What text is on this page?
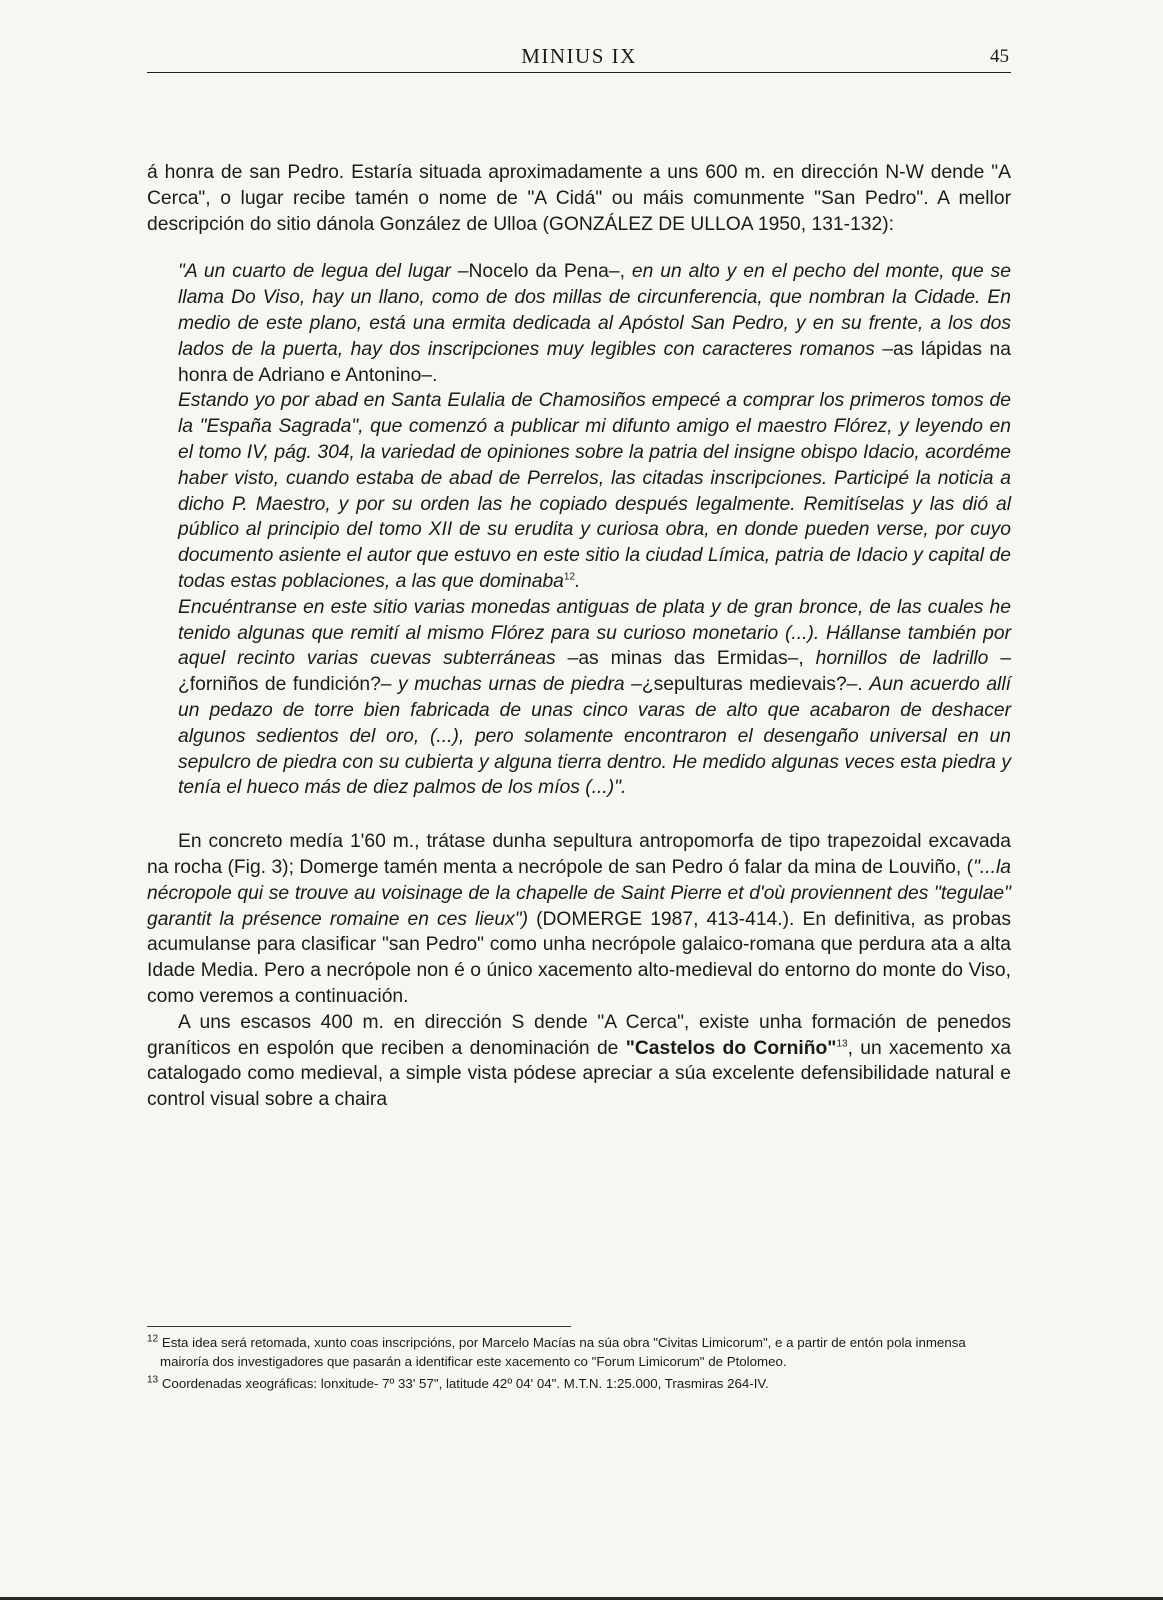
MINIUS IX	45

á honra de san Pedro. Estaría situada aproximadamente a uns 600 m. en dirección N-W dende "A Cerca", o lugar recibe tamén o nome de "A Cidá" ou máis comunmente "San Pedro". A mellor descripción do sitio dánola González de Ulloa (GONZÁLEZ DE ULLOA 1950, 131-132):

"A un cuarto de legua del lugar –Nocelo da Pena–, en un alto y en el pecho del monte, que se llama Do Viso, hay un llano, como de dos millas de circunferencia, que nombran la Cidade. En medio de este plano, está una ermita dedicada al Apóstol San Pedro, y en su frente, a los dos lados de la puerta, hay dos inscripciones muy legibles con caracteres romanos –as lápidas na honra de Adriano e Antonino–.

Estando yo por abad en Santa Eulalia de Chamosiños empecé a comprar los primeros tomos de la "España Sagrada", que comenzó a publicar mi difunto amigo el maestro Flórez, y leyendo en el tomo IV, pág. 304, la variedad de opiniones sobre la patria del insigne obispo Idacio, acordéme haber visto, cuando estaba de abad de Perrelos, las citadas inscripciones. Participé la noticia a dicho P. Maestro, y por su orden las he copiado después legalmente. Remitíselas y las dió al público al principio del tomo XII de su erudita y curiosa obra, en donde pueden verse, por cuyo documento asiente el autor que estuvo en este sitio la ciudad Límica, patria de Idacio y capital de todas estas poblaciones, a las que dominaba$^{12}$.

Encuéntranse en este sitio varias monedas antiguas de plata y de gran bronce, de las cuales he tenido algunas que remití al mismo Flórez para su curioso monetario (...). Hállanse también por aquel recinto varias cuevas subterráneas –as minas das Ermidas–, hornillos de ladrillo –¿forniños de fundición?– y muchas urnas de piedra –¿sepulturas medievais?–. Aun acuerdo allí un pedazo de torre bien fabricada de unas cinco varas de alto que acabaron de deshacer algunos sedientos del oro, (...), pero solamente encontraron el desengaño universal en un sepulcro de piedra con su cubierta y alguna tierra dentro. He medido algunas veces esta piedra y tenía el hueco más de diez palmos de los míos (...)".

En concreto medía 1'60 m., trátase dunha sepultura antropomorfa de tipo trapezoidal excavada na rocha (Fig. 3); Domerge tamén menta a necrópole de san Pedro ó falar da mina de Louviño, ("...la nécropole qui se trouve au voisinage de la chapelle de Saint Pierre et d'où proviennent des "tegulae" garantit la présence romaine en ces lieux") (DOMERGE 1987, 413-414.). En definitiva, as probas acumulanse para clasificar "san Pedro" como unha necrópole galaico-romana que perdura ata a alta Idade Media. Pero a necrópole non é o único xacemento alto-medieval do entorno do monte do Viso, como veremos a continuación.

A uns escasos 400 m. en dirección S dende "A Cerca", existe unha formación de penedos graníticos en espolón que reciben a denominación de "Castelos do Corniño"$^{13}$, un xacemento xa catalogado como medieval, a simple vista pódese apreciar a súa excelente defensibilidade natural e control visual sobre a chaira

$^{12}$ Esta idea será retomada, xunto coas inscripcións, por Marcelo Macías na súa obra "Civitas Limicorum", e a partir de entón pola inmensa mairoría dos investigadores que pasarán a identificar este xacemento co "Forum Limicorum" de Ptolomeo.

$^{13}$ Coordenadas xeográficas: lonxitude- 7º 33' 57", latitude 42º 04' 04". M.T.N. 1:25.000, Trasmiras 264-IV.
